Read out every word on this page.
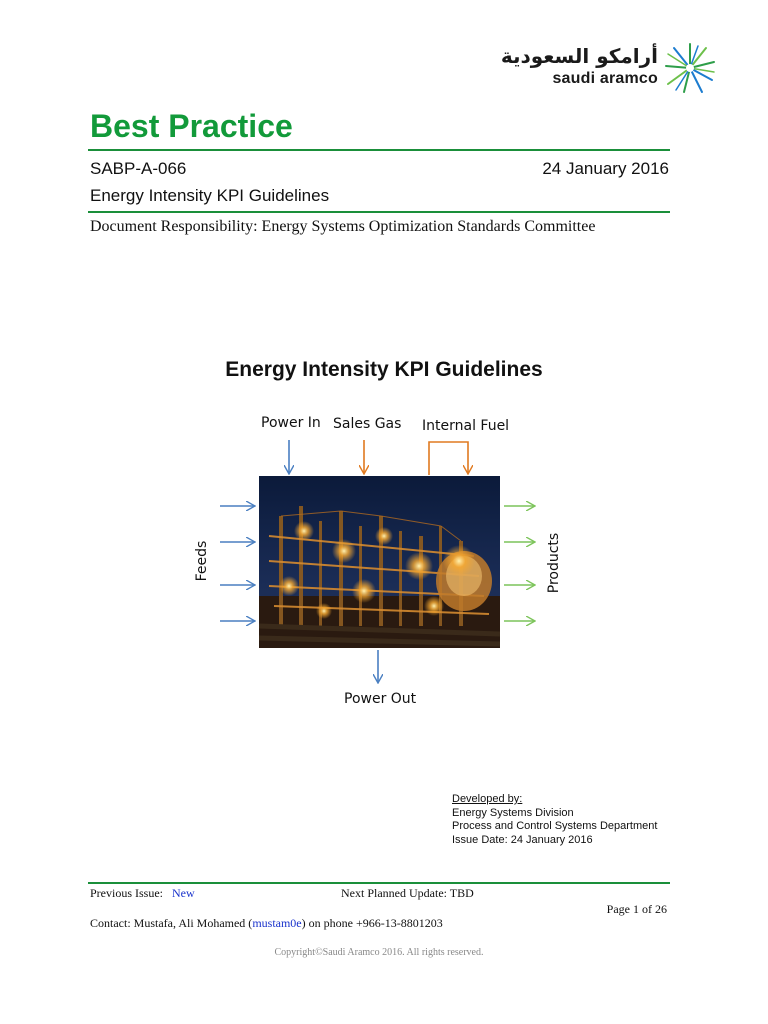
أرامكو السعودية
saudi aramco
Best Practice
SABP-A-066	24 January 2016
Energy Intensity KPI Guidelines
Document Responsibility: Energy Systems Optimization Standards Committee
Energy Intensity KPI Guidelines
Power In Sales Gas Internal Fuel
Feeds	Products
Power Out
Developed by:
Energy Systems Division
Process and Control Systems Department
Issue Date: 24 January 2016
Previous Issue: New	Next Planned Update: TBD
Page 1 of 26
Contact: Mustafa, Ali Mohamed (mustam0e) on phone +966-13-8801203
Copyright©Saudi Aramco 2016. All rights reserved.
